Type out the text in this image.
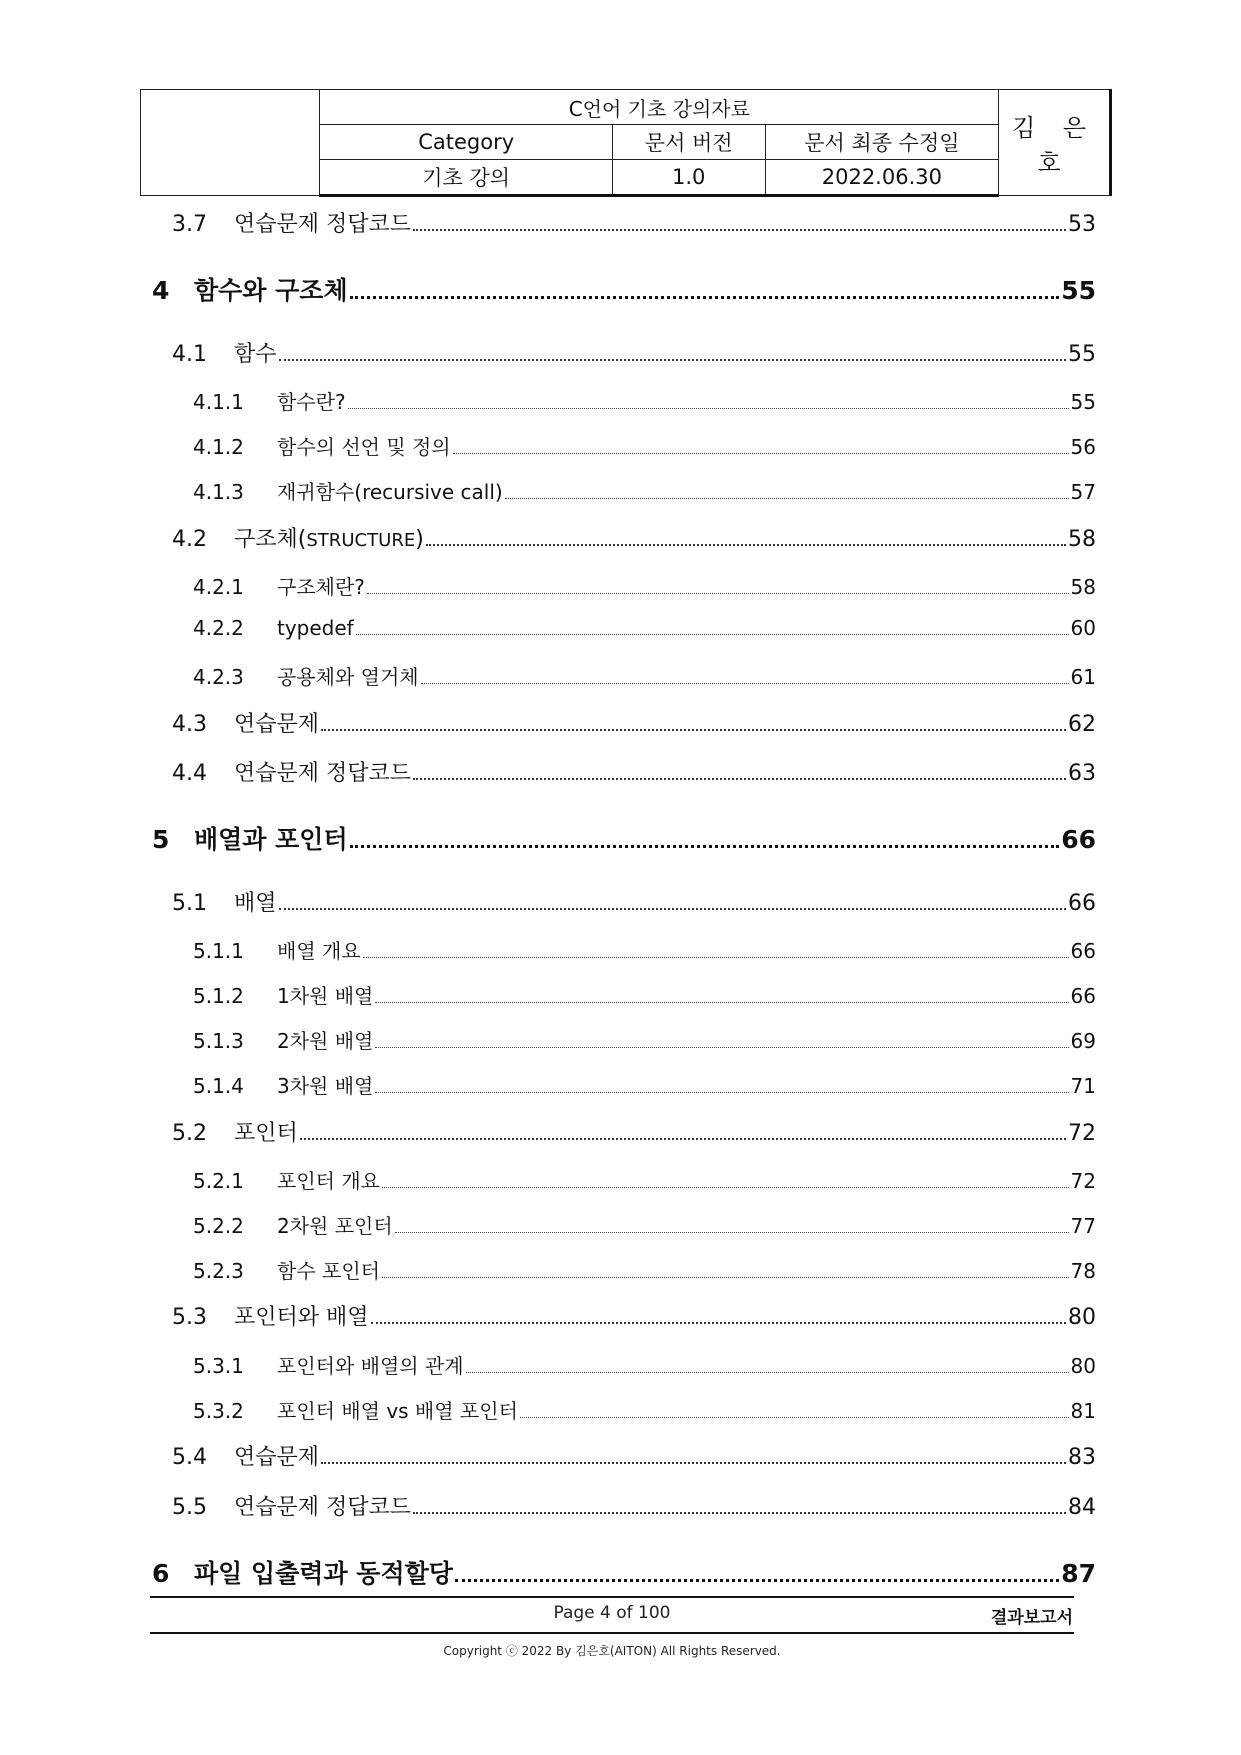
	C언어 기초 강의자료			김 은 호
	Category	문서 버전	문서 최종 수정일	
	기초 강의	1.0	2022.06.30	
3.7	연습문제 정답코드	53
4 함수와 구조체	55
4.1	함수	55
4.1.1	함수란?	55
4.1.2	함수의 선언 및 정의	56
4.1.3	재귀함수(recursive call)	57
4.2	구조체(STRUCTURE)	58
4.2.1	구조체란?	58
4.2.2	typedef	60
4.2.3	공용체와 열거체	61
4.3	연습문제	62
4.4	연습문제 정답코드	63
5 배열과 포인터	66
5.1	배열	66
5.1.1	배열 개요	66
5.1.2	1차원 배열	66
5.1.3	2차원 배열	69
5.1.4	3차원 배열	71
5.2	포인터	72
5.2.1	포인터 개요	72
5.2.2	2차원 포인터	77
5.2.3	함수 포인터	78
5.3	포인터와 배열	80
5.3.1	포인터와 배열의 관계	80
5.3.2	포인터 배열 vs 배열 포인터	81
5.4	연습문제	83
5.5	연습문제 정답코드	84
6 파일 입출력과 동적할당	87
Page 4 of 100	결과보고서
Copyright ⓒ 2022 By 김은호(AITON) All Rights Reserved.
